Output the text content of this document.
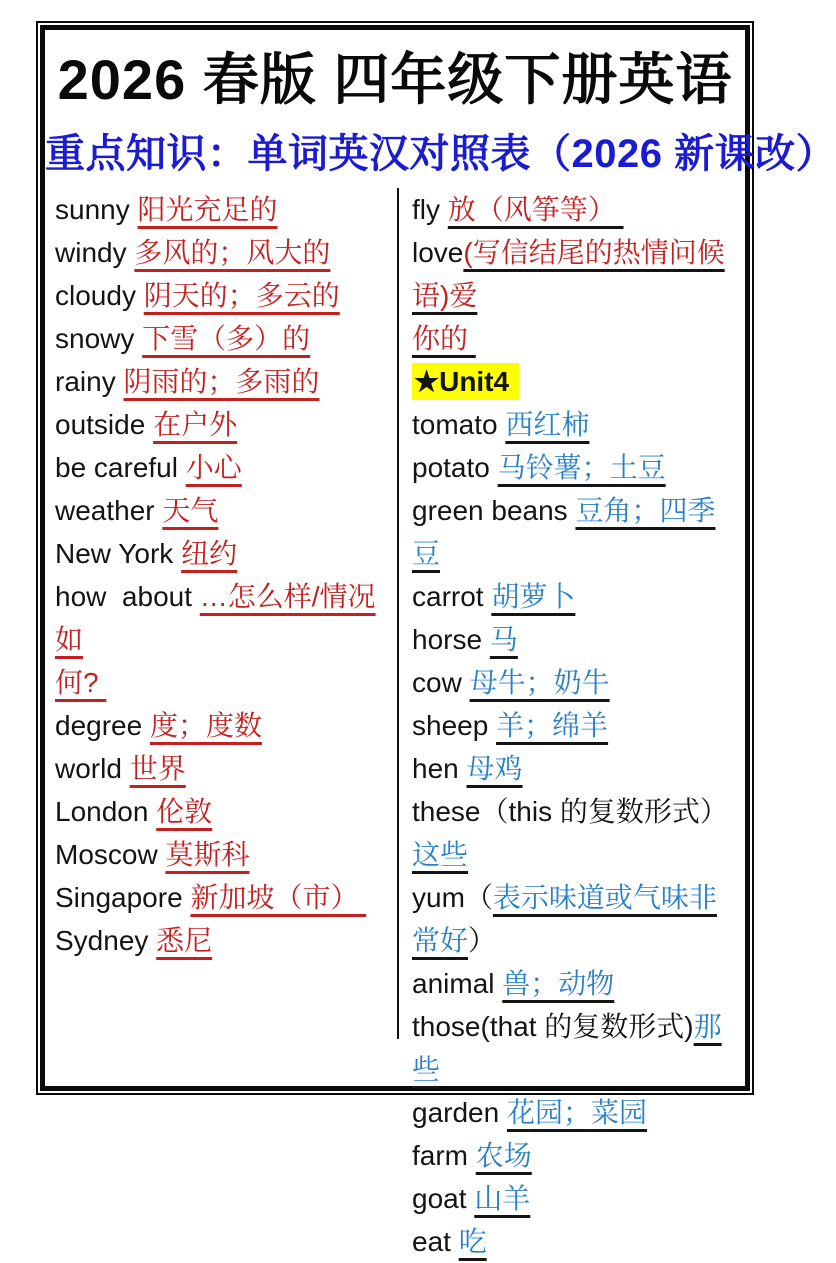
2026 春版 四年级下册英语
重点知识：单词英汉对照表（2026 新课改）
sunny 阳光充足的
windy 多风的；风大的
cloudy 阴天的；多云的
snowy 下雪（多）的
rainy 阴雨的；多雨的
outside 在户外
be careful 小心
weather 天气
New York 纽约
how  about …怎么样/情况如
何?
degree 度；度数
world 世界
London 伦敦
Moscow 莫斯科
Singapore 新加坡（市）
Sydney 悉尼
fly 放（风筝等）
love(写信结尾的热情问候语)爱
你的
★Unit4
tomato 西红柿
potato 马铃薯；土豆
green beans 豆角；四季豆
carrot 胡萝卜
horse 马
cow 母牛；奶牛
sheep 羊；绵羊
hen 母鸡
these（this 的复数形式）这些
yum（表示味道或气味非常好）
animal 兽；动物
those(that 的复数形式)那些
garden 花园；菜园
farm 农场
goat 山羊
eat 吃
